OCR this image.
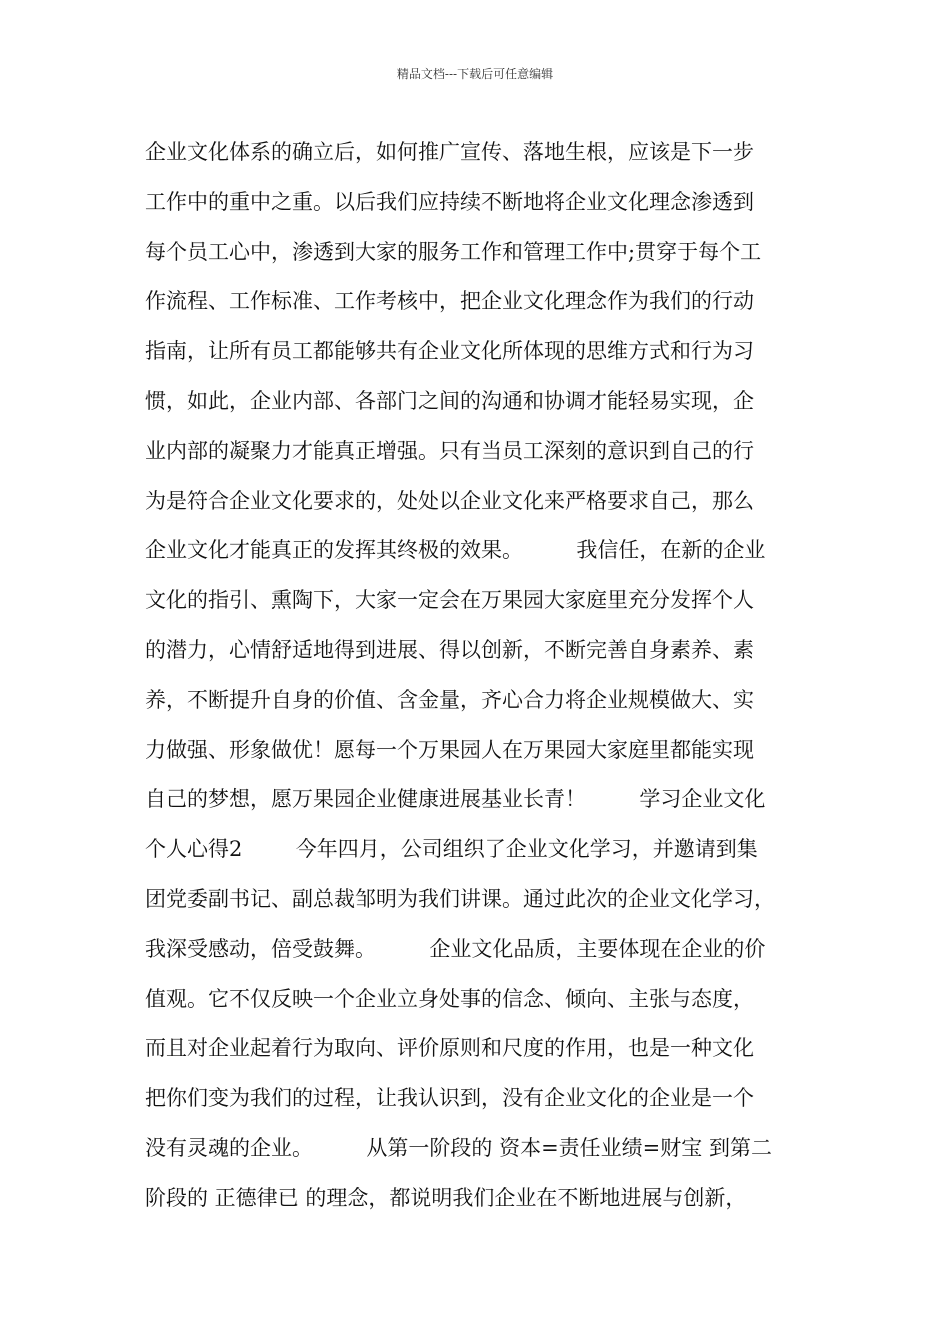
精品文档---下载后可任意编辑
企业文化体系的确立后，如何推广宣传、落地生根，应该是下一步
工作中的重中之重。以后我们应持续不断地将企业文化理念渗透到
每个员工心中，渗透到大家的服务工作和管理工作中;贯穿于每个工
作流程、工作标准、工作考核中，把企业文化理念作为我们的行动
指南，让所有员工都能够共有企业文化所体现的思维方式和行为习
惯，如此，企业内部、各部门之间的沟通和协调才能轻易实现，企
业内部的凝聚力才能真正增强。只有当员工深刻的意识到自己的行
为是符合企业文化要求的，处处以企业文化来严格要求自己，那么
企业文化才能真正的发挥其终极的效果。        我信任，在新的企业
文化的指引、熏陶下，大家一定会在万果园大家庭里充分发挥个人
的潜力，心情舒适地得到进展、得以创新，不断完善自身素养、素
养，不断提升自身的价值、含金量，齐心合力将企业规模做大、实
力做强、形象做优！愿每一个万果园人在万果园大家庭里都能实现
自己的梦想，愿万果园企业健康进展基业长青！        学习企业文化
个人心得2        今年四月，公司组织了企业文化学习，并邀请到集
团党委副书记、副总裁邹明为我们讲课。通过此次的企业文化学习，
我深受感动，倍受鼓舞。        企业文化品质，主要体现在企业的价
值观。它不仅反映一个企业立身处事的信念、倾向、主张与态度，
而且对企业起着行为取向、评价原则和尺度的作用，也是一种文化
把你们变为我们的过程，让我认识到，没有企业文化的企业是一个
没有灵魂的企业。        从第一阶段的 资本=责任业绩=财宝 到第二
阶段的 正德律已 的理念，都说明我们企业在不断地进展与创新，
